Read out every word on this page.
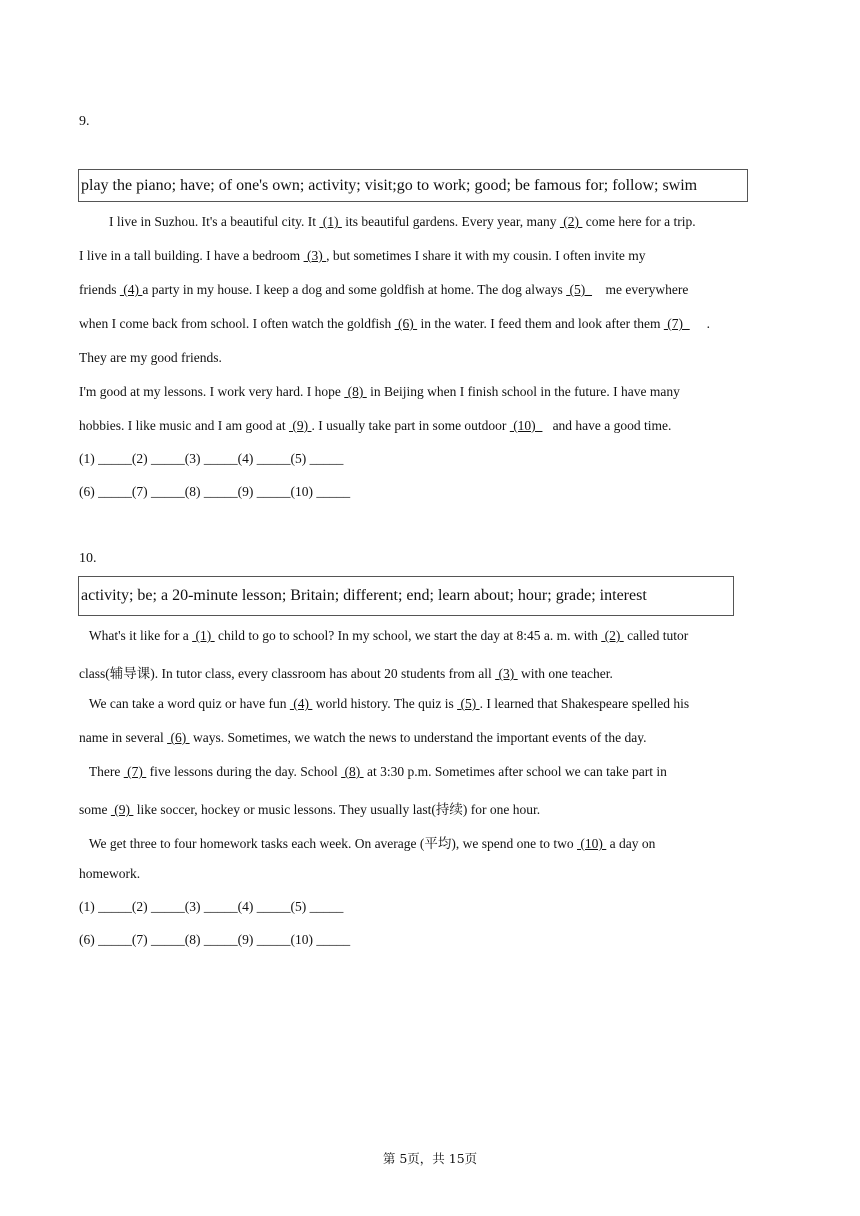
9.
play the piano; have; of one's own; activity; visit;go to work; good; be famous for; follow; swim
I live in Suzhou. It's a beautiful city. It  (1)  its beautiful gardens. Every year, many  (2)  come here for a trip.
I live in a tall building. I have a bedroom  (3) , but sometimes I share it with my cousin. I often invite my
friends  (4) a party in my house. I keep a dog and some goldfish at home. The dog always  (5)      me everywhere
when I come back from school. I often watch the goldfish  (6)  in the water. I feed them and look after them  (7)       .
They are my good friends.
I'm good at my lessons. I work very hard. I hope  (8)  in Beijing when I finish school in the future. I have many
hobbies. I like music and I am good at  (9) . I usually take part in some outdoor  (10)     and have a good time.
(1) _____(2) _____(3) _____(4) _____(5) _____
(6) _____(7) _____(8) _____(9) _____(10) _____
10.
activity; be; a 20-minute lesson; Britain; different; end; learn about; hour; grade; interest
What's it like for a  (1)  child to go to school? In my school, we start the day at 8:45 a. m. with  (2)  called tutor
class(辅导课). In tutor class, every classroom has about 20 students from all  (3)  with one teacher.
We can take a word quiz or have fun  (4)  world history. The quiz is  (5) . I learned that Shakespeare spelled his
name in several  (6)  ways. Sometimes, we watch the news to understand the important events of the day.
There  (7)  five lessons during the day. School  (8)  at 3:30 p.m. Sometimes after school we can take part in
some  (9)  like soccer, hockey or music lessons. They usually last(持续) for one hour.
We get three to four homework tasks each week. On average (平均), we spend one to two  (10)  a day on
homework.
(1) _____(2) _____(3) _____(4) _____(5) _____
(6) _____(7) _____(8) _____(9) _____(10) _____
第 5页，共 15页
